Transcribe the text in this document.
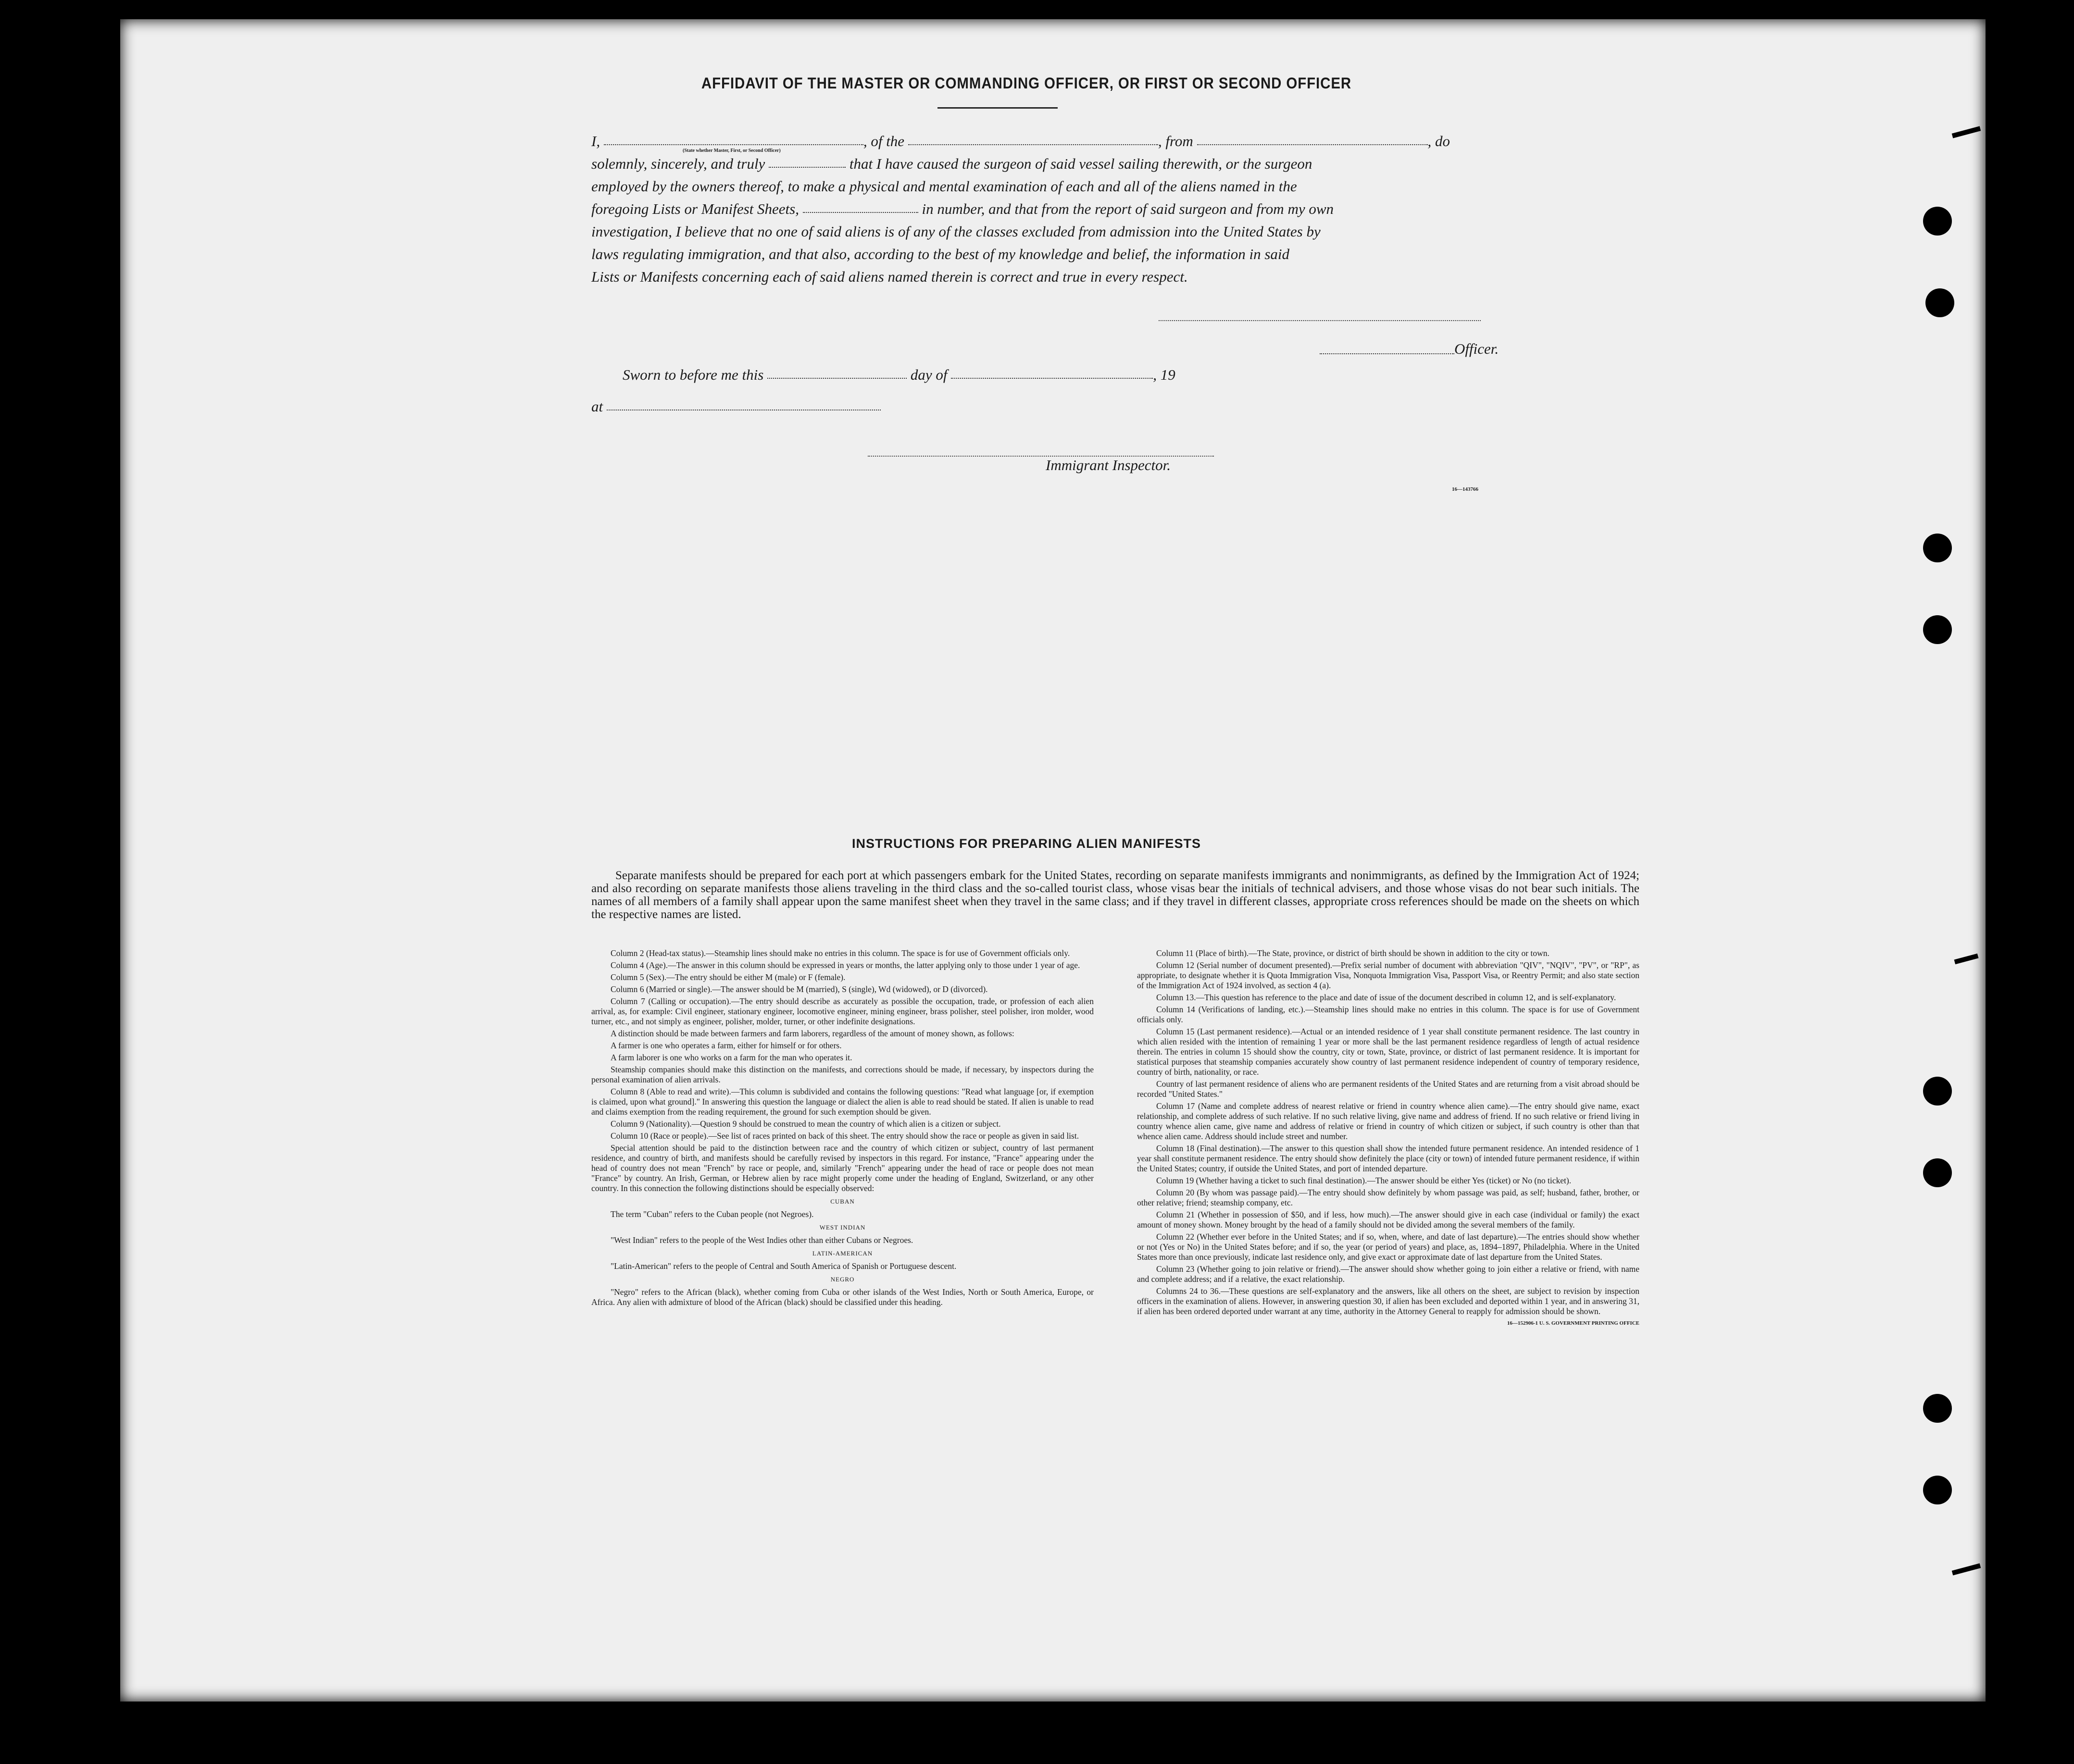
AFFIDAVIT OF THE MASTER OR COMMANDING OFFICER, OR FIRST OR SECOND OFFICER

I,	, of the	, from	, do

solemnly, sincerely, and truly	that I have caused the surgeon of said vessel sailing therewith, or the surgeon

employed by the owners thereof, to make a physical and mental examination of each and all of the aliens named in the

foregoing Lists or Manifest Sheets,	in number, and that from the report of said surgeon and from my own

investigation, I believe that no one of said aliens is of any of the classes excluded from admission into the United States by

laws regulating immigration, and that also, according to the best of my knowledge and belief, the information in said

Lists or Manifests concerning each of said aliens named therein is correct and true in every respect.

(State whether Master, First, or Second Officer)
Officer.
Sworn to before me this	day of	, 19
at
Immigrant Inspector.
16—143766
INSTRUCTIONS FOR PREPARING ALIEN MANIFESTS
Separate manifests should be prepared for each port at which passengers embark for the United States, recording on separate manifests immigrants and nonimmigrants, as defined by the Immigration Act of 1924; and also recording on separate manifests those aliens traveling in the third class and the so-called tourist class, whose visas bear the initials of technical advisers, and those whose visas do not bear such initials. The names of all members of a family shall appear upon the same manifest sheet when they travel in the same class; and if they travel in different classes, appropriate cross references should be made on the sheets on which the respective names are listed.

Column 2 (Head-tax status).—Steamship lines should make no entries in this column. The space is for use of Government officials only.

Column 4 (Age).—The answer in this column should be expressed in years or months, the latter applying only to those under 1 year of age.

Column 5 (Sex).—The entry should be either M (male) or F (female).

Column 6 (Married or single).—The answer should be M (married), S (single), Wd (widowed), or D (divorced).

Column 7 (Calling or occupation).—The entry should describe as accurately as possible the occupation, trade, or profession of each alien arrival, as, for example: Civil engineer, stationary engineer, locomotive engineer, mining engineer, brass polisher, steel polisher, iron molder, wood turner, etc., and not simply as engineer, polisher, molder, turner, or other indefinite designations.

A distinction should be made between farmers and farm laborers, regardless of the amount of money shown, as follows:

A farmer is one who operates a farm, either for himself or for others.

A farm laborer is one who works on a farm for the man who operates it.

Steamship companies should make this distinction on the manifests, and corrections should be made, if necessary, by inspectors during the personal examination of alien arrivals.

Column 8 (Able to read and write).—This column is subdivided and contains the following questions: "Read what language [or, if exemption is claimed, upon what ground]." In answering this question the language or dialect the alien is able to read should be stated. If alien is unable to read and claims exemption from the reading requirement, the ground for such exemption should be given.

Column 9 (Nationality).—Question 9 should be construed to mean the country of which alien is a citizen or subject.

Column 10 (Race or people).—See list of races printed on back of this sheet. The entry should show the race or people as given in said list.

Special attention should be paid to the distinction between race and the country of which citizen or subject, country of last permanent residence, and country of birth, and manifests should be carefully revised by inspectors in this regard. For instance, "France" appearing under the head of country does not mean "French" by race or people, and, similarly "French" appearing under the head of race or people does not mean "France" by country. An Irish, German, or Hebrew alien by race might properly come under the heading of England, Switzerland, or any other country. In this connection the following distinctions should be especially observed:

CUBAN

The term "Cuban" refers to the Cuban people (not Negroes).

WEST INDIAN

"West Indian" refers to the people of the West Indies other than either Cubans or Negroes.

LATIN-AMERICAN

"Latin-American" refers to the people of Central and South America of Spanish or Portuguese descent.

NEGRO

"Negro" refers to the African (black), whether coming from Cuba or other islands of the West Indies, North or South America, Europe, or Africa. Any alien with admixture of blood of the African (black) should be classified under this heading.

Column 11 (Place of birth).—The State, province, or district of birth should be shown in addition to the city or town.

Column 12 (Serial number of document presented).—Prefix serial number of document with abbreviation "QIV", "NQIV", "PV", or "RP", as appropriate, to designate whether it is Quota Immigration Visa, Nonquota Immigration Visa, Passport Visa, or Reentry Permit; and also state section of the Immigration Act of 1924 involved, as section 4 (a).

Column 13.—This question has reference to the place and date of issue of the document described in column 12, and is self-explanatory.

Column 14 (Verifications of landing, etc.).—Steamship lines should make no entries in this column. The space is for use of Government officials only.

Column 15 (Last permanent residence).—Actual or an intended residence of 1 year shall constitute permanent residence. The last country in which alien resided with the intention of remaining 1 year or more shall be the last permanent residence regardless of length of actual residence therein. The entries in column 15 should show the country, city or town, State, province, or district of last permanent residence. It is important for statistical purposes that steamship companies accurately show country of last permanent residence independent of country of temporary residence, country of birth, nationality, or race.

Country of last permanent residence of aliens who are permanent residents of the United States and are returning from a visit abroad should be recorded "United States."

Column 17 (Name and complete address of nearest relative or friend in country whence alien came).—The entry should give name, exact relationship, and complete address of such relative. If no such relative living, give name and address of friend. If no such relative or friend living in country whence alien came, give name and address of relative or friend in country of which citizen or subject, if such country is other than that whence alien came. Address should include street and number.

Column 18 (Final destination).—The answer to this question shall show the intended future permanent residence. An intended residence of 1 year shall constitute permanent residence. The entry should show definitely the place (city or town) of intended future permanent residence, if within the United States; country, if outside the United States, and port of intended departure.

Column 19 (Whether having a ticket to such final destination).—The answer should be either Yes (ticket) or No (no ticket).

Column 20 (By whom was passage paid).—The entry should show definitely by whom passage was paid, as self; husband, father, brother, or other relative; friend; steamship company, etc.

Column 21 (Whether in possession of $50, and if less, how much).—The answer should give in each case (individual or family) the exact amount of money shown. Money brought by the head of a family should not be divided among the several members of the family.

Column 22 (Whether ever before in the United States; and if so, when, where, and date of last departure).—The entries should show whether or not (Yes or No) in the United States before; and if so, the year (or period of years) and place, as, 1894–1897, Philadelphia. Where in the United States more than once previously, indicate last residence only, and give exact or approximate date of last departure from the United States.

Column 23 (Whether going to join relative or friend).—The answer should show whether going to join either a relative or friend, with name and complete address; and if a relative, the exact relationship.

Columns 24 to 36.—These questions are self-explanatory and the answers, like all others on the sheet, are subject to revision by inspection officers in the examination of aliens. However, in answering question 30, if alien has been excluded and deported within 1 year, and in answering 31, if alien has been ordered deported under warrant at any time, authority in the Attorney General to reapply for admission should be shown.

16—152906-1 U. S. GOVERNMENT PRINTING OFFICE
